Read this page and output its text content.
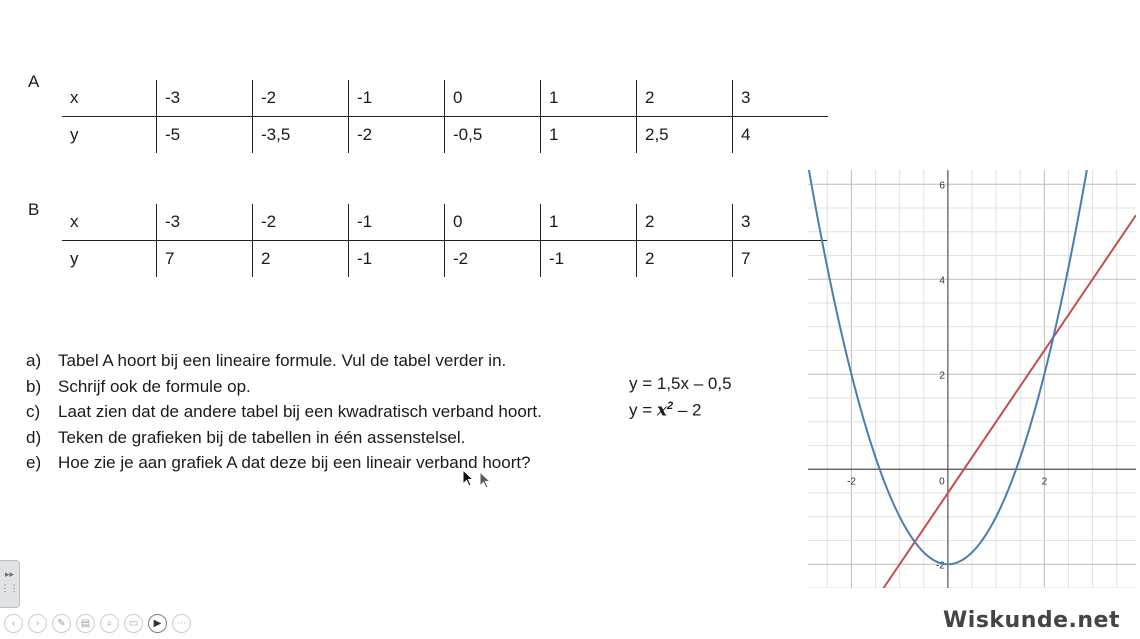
A
x	-3	-2	-1	0	1	2	3
y	-5	-3,5	-2	-0,5	1	2,5	4
B
x	-3	-2	-1	0	1	2	3
y	7	2	-1	-2	-1	2	7
a) Tabel A hoort bij een lineaire formule. Vul de tabel verder in.
b) Schrijf ook de formule op.
c)	Laat zien dat de andere tabel bij een kwadratisch verband hoort.
d) Teken de grafieken bij de tabellen in één assenstelsel.
e) Hoe zie je aan grafiek A dat deze bij een lineair verband hoort?
y = 1,5x – 0,5
$y = x^2 - 2$
-2	0	2
6
4
2
-2
▸▸
⋮⋮
‹	›	✎	▤	⌕	▭	▶	⋯	Wiskunde.net
